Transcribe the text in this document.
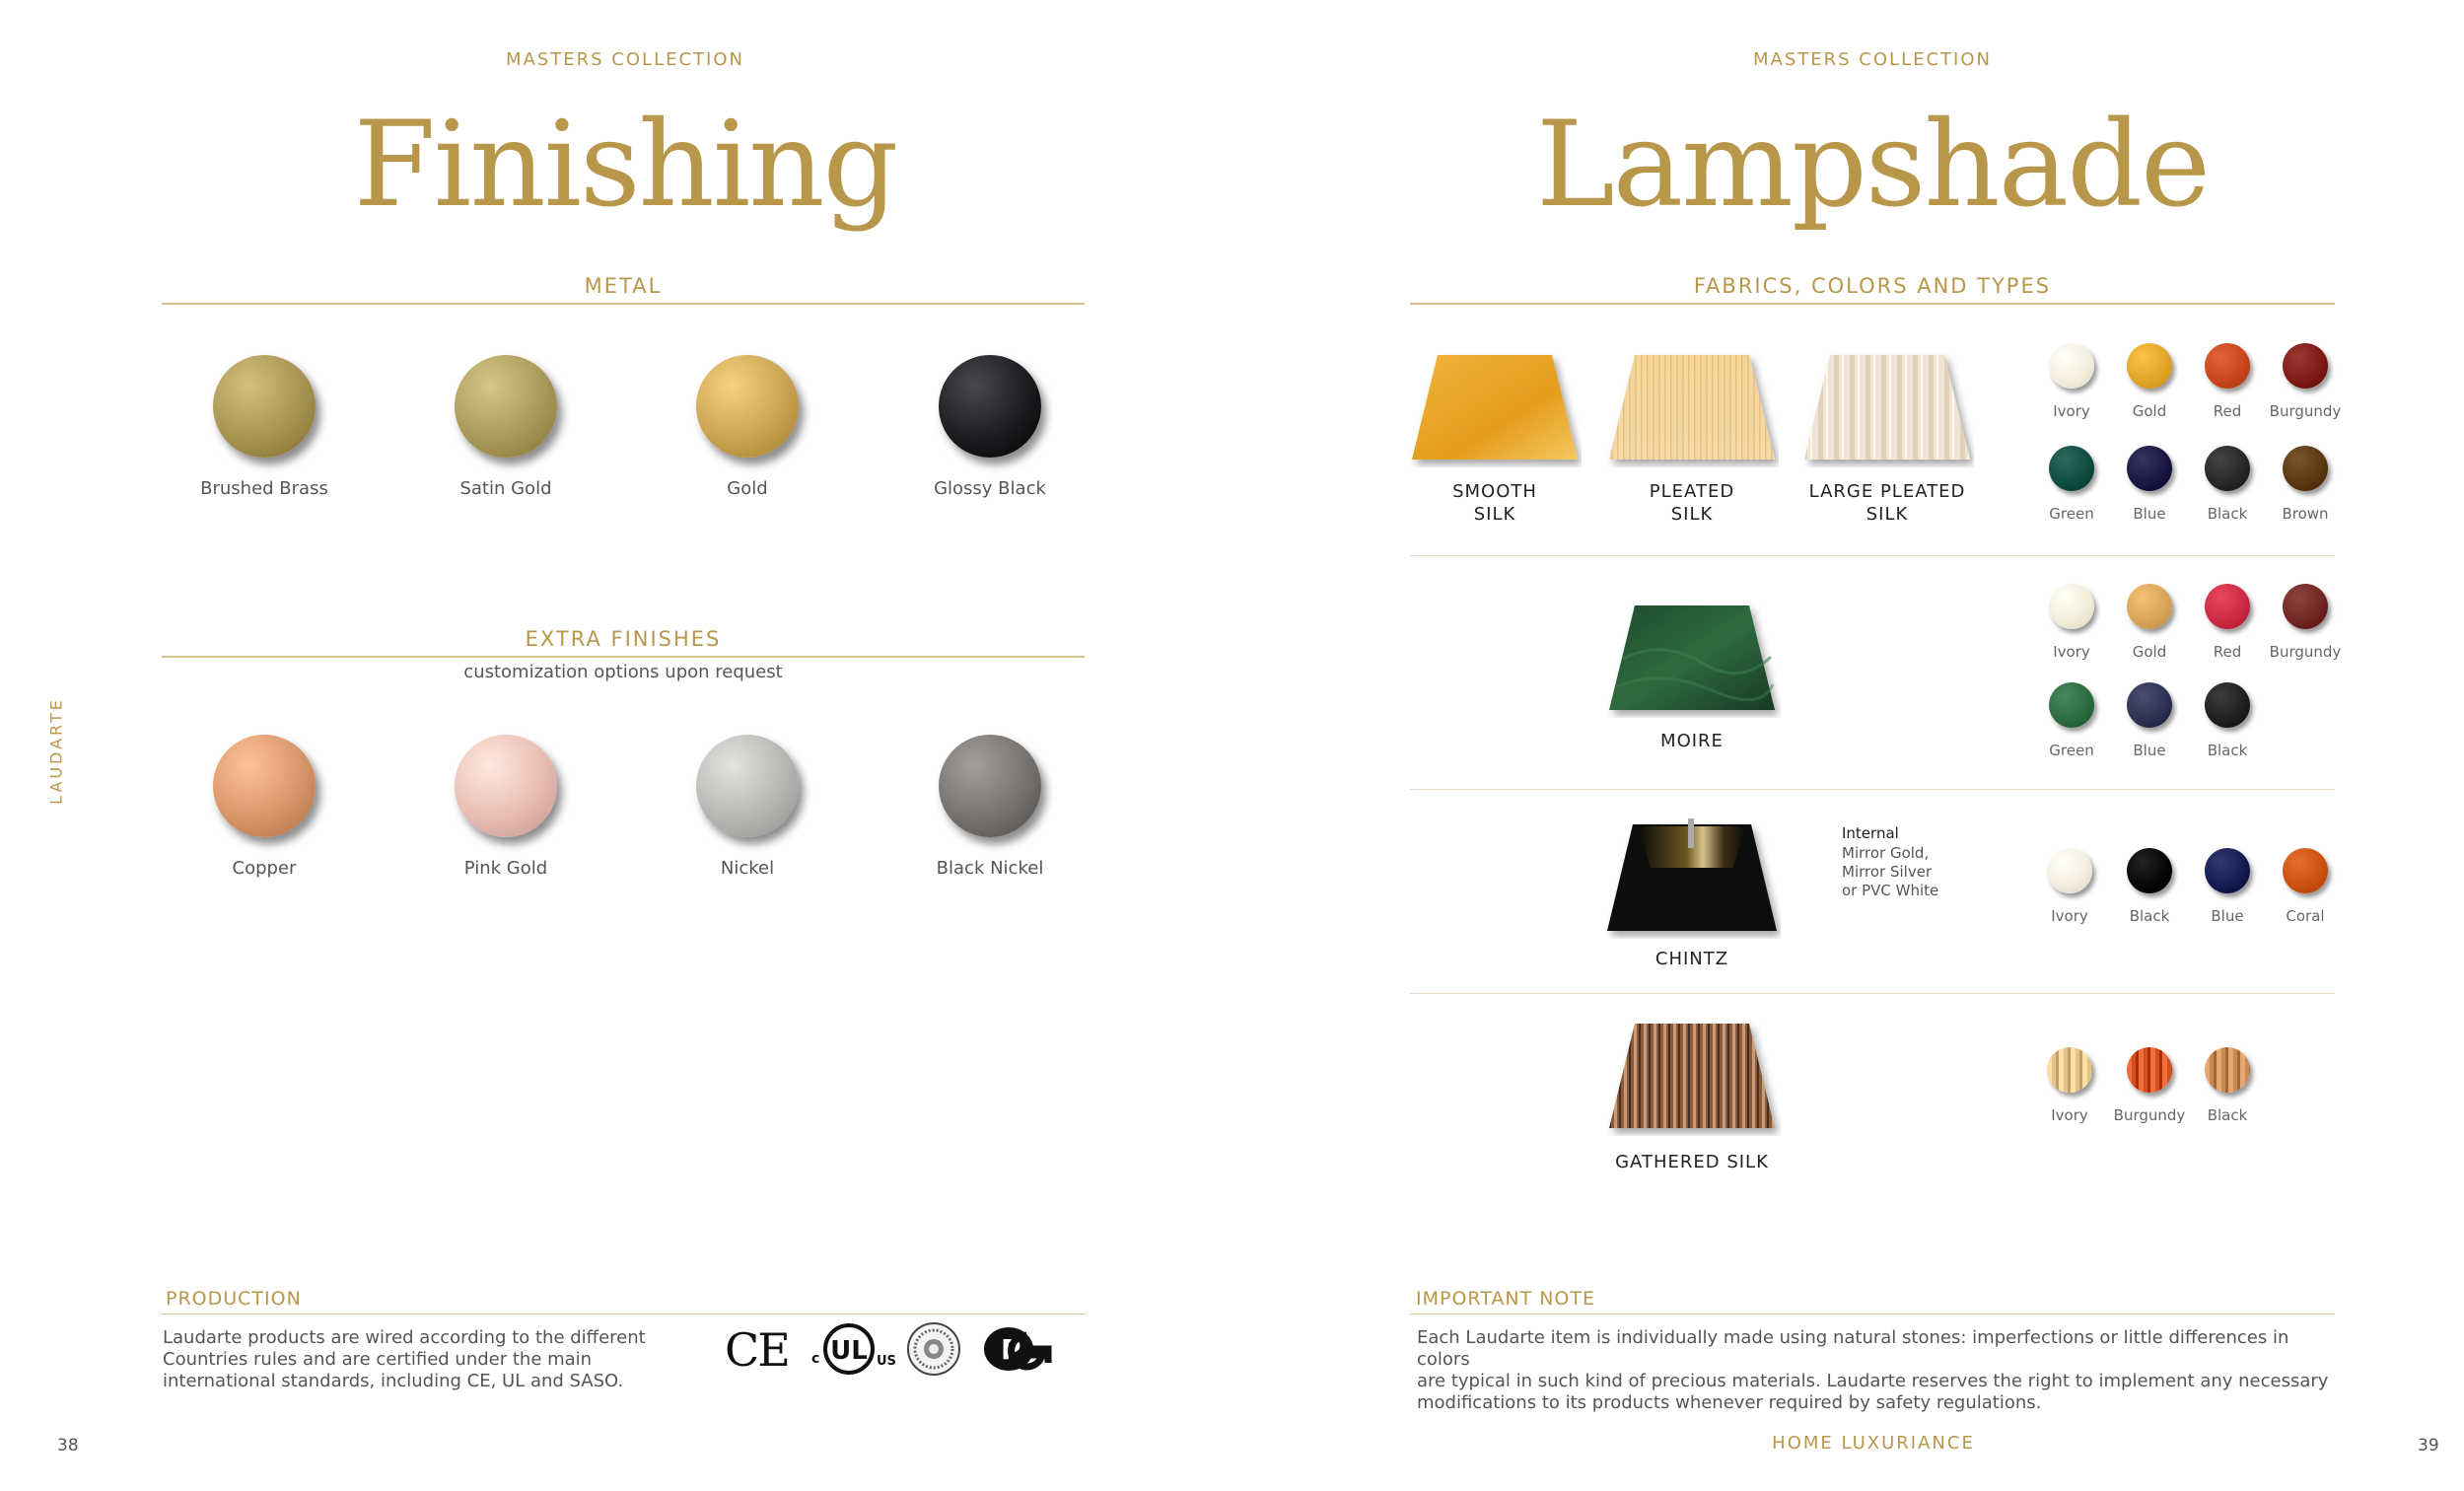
MASTERS COLLECTION
Finishing
METAL
Brushed Brass	Satin Gold	Gold	Glossy Black
EXTRA FINISHES
customization options upon request
Copper	Pink Gold	Nickel	Black Nickel
LAUDARTE
PRODUCTION
Laudarte products are wired according to the different
Countries rules and are certified under the main
international standards, including CE, UL and SASO.
CE UL
c	US	P
38
MASTERS COLLECTION
Lampshade
FABRICS, COLORS AND TYPES
SMOOTH
SILK
PLEATED
SILK
LARGE PLEATED
SILK
Ivory	Gold	Red	Burgundy
Green	Blue	Black	Brown
MOIRE
Ivory	Gold	Red	Burgundy
Green	Blue	Black
CHINTZ
Internal
Mirror Gold,
Mirror Silver
or PVC White
Ivory	Black	Blue	Coral
GATHERED SILK
Ivory	Burgundy	Black
IMPORTANT NOTE
Each Laudarte item is individually made using natural stones: imperfections or little differences in colors
are typical in such kind of precious materials. Laudarte reserves the right to implement any necessary
modifications to its products whenever required by safety regulations.
HOME LUXURIANCE	39
